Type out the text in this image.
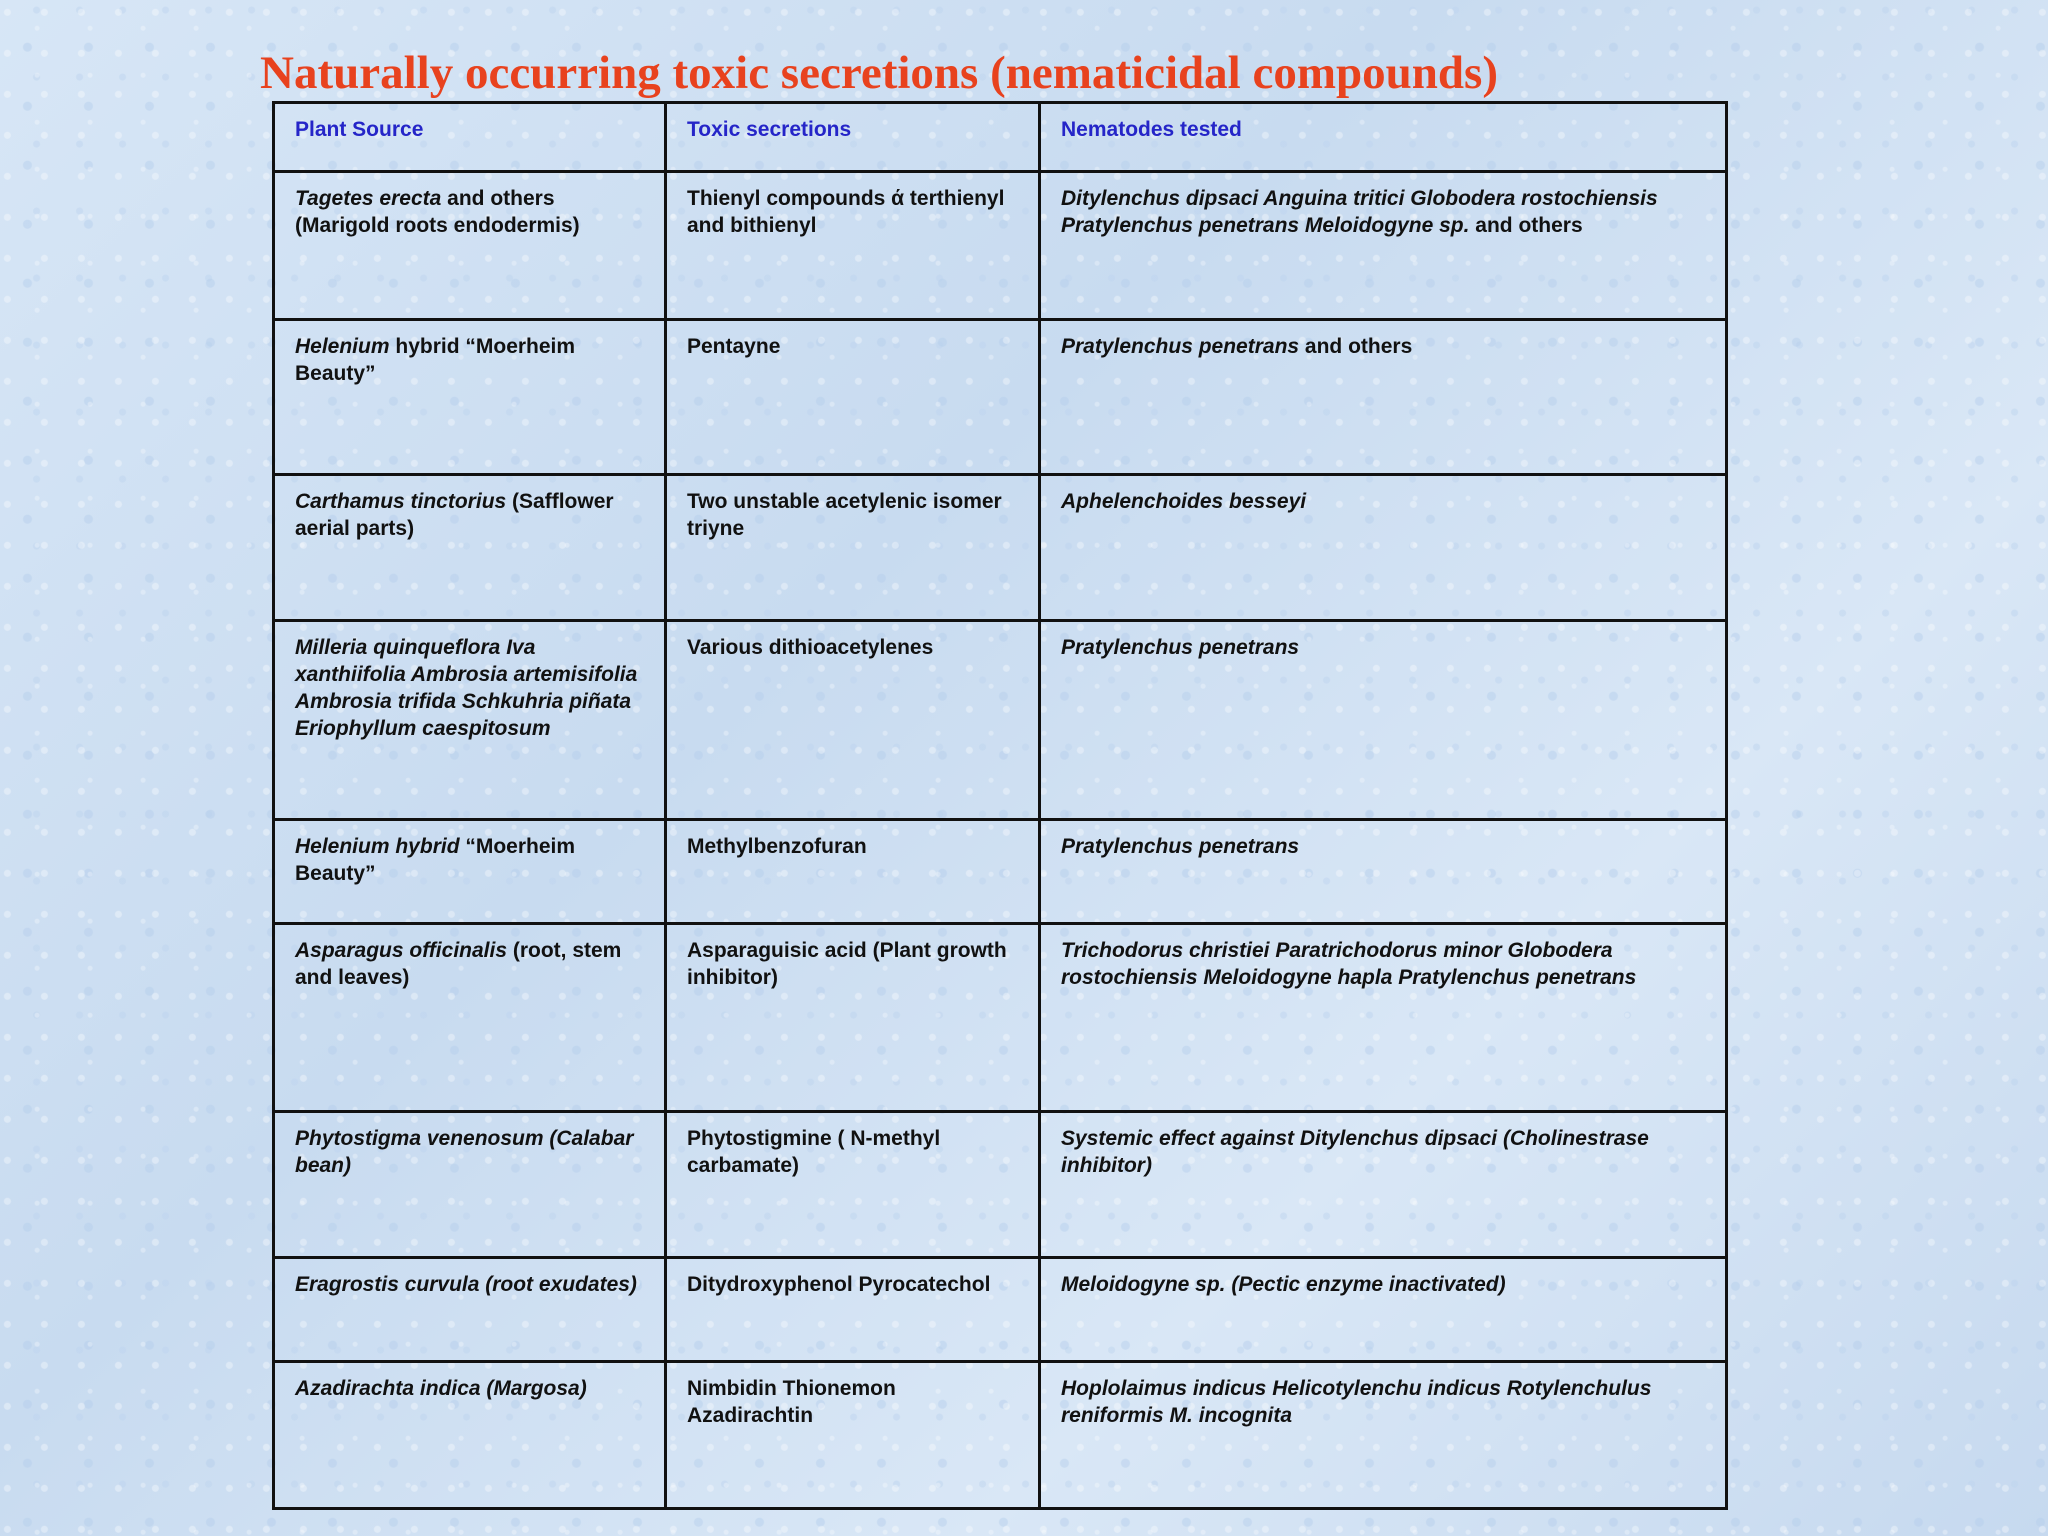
Naturally occurring toxic secretions (nematicidal compounds)
Plant Source	Toxic secretions	Nematodes tested
Tagetes erecta and others (Marigold roots endodermis)	Thienyl compounds ά terthienyl and bithienyl	Ditylenchus dipsaci Anguina tritici Globodera rostochiensis Pratylenchus penetrans Meloidogyne sp. and others
Helenium hybrid “Moerheim Beauty”	Pentayne	Pratylenchus penetrans and others
Carthamus tinctorius (Safflower aerial parts)	Two unstable acetylenic isomer triyne	Aphelenchoides besseyi
Milleria quinqueflora Iva xanthiifolia Ambrosia artemisifolia Ambrosia trifida Schkuhria piñata Eriophyllum caespitosum	Various dithioacetylenes	Pratylenchus penetrans
Helenium hybrid “Moerheim Beauty”	Methylbenzofuran	Pratylenchus penetrans
Asparagus officinalis (root, stem and leaves)	Asparaguisic acid (Plant growth inhibitor)	Trichodorus christiei Paratrichodorus minor Globodera rostochiensis Meloidogyne hapla Pratylenchus penetrans
Phytostigma venenosum (Calabar bean)	Phytostigmine ( N-methyl carbamate)	Systemic effect against Ditylenchus dipsaci (Cholinestrase inhibitor)
Eragrostis curvula (root exudates)	Ditydroxyphenol Pyrocatechol	Meloidogyne sp. (Pectic enzyme inactivated)
Azadirachta indica (Margosa)	Nimbidin Thionemon Azadirachtin	Hoplolaimus indicus Helicotylenchu indicus Rotylenchulus reniformis M. incognita
